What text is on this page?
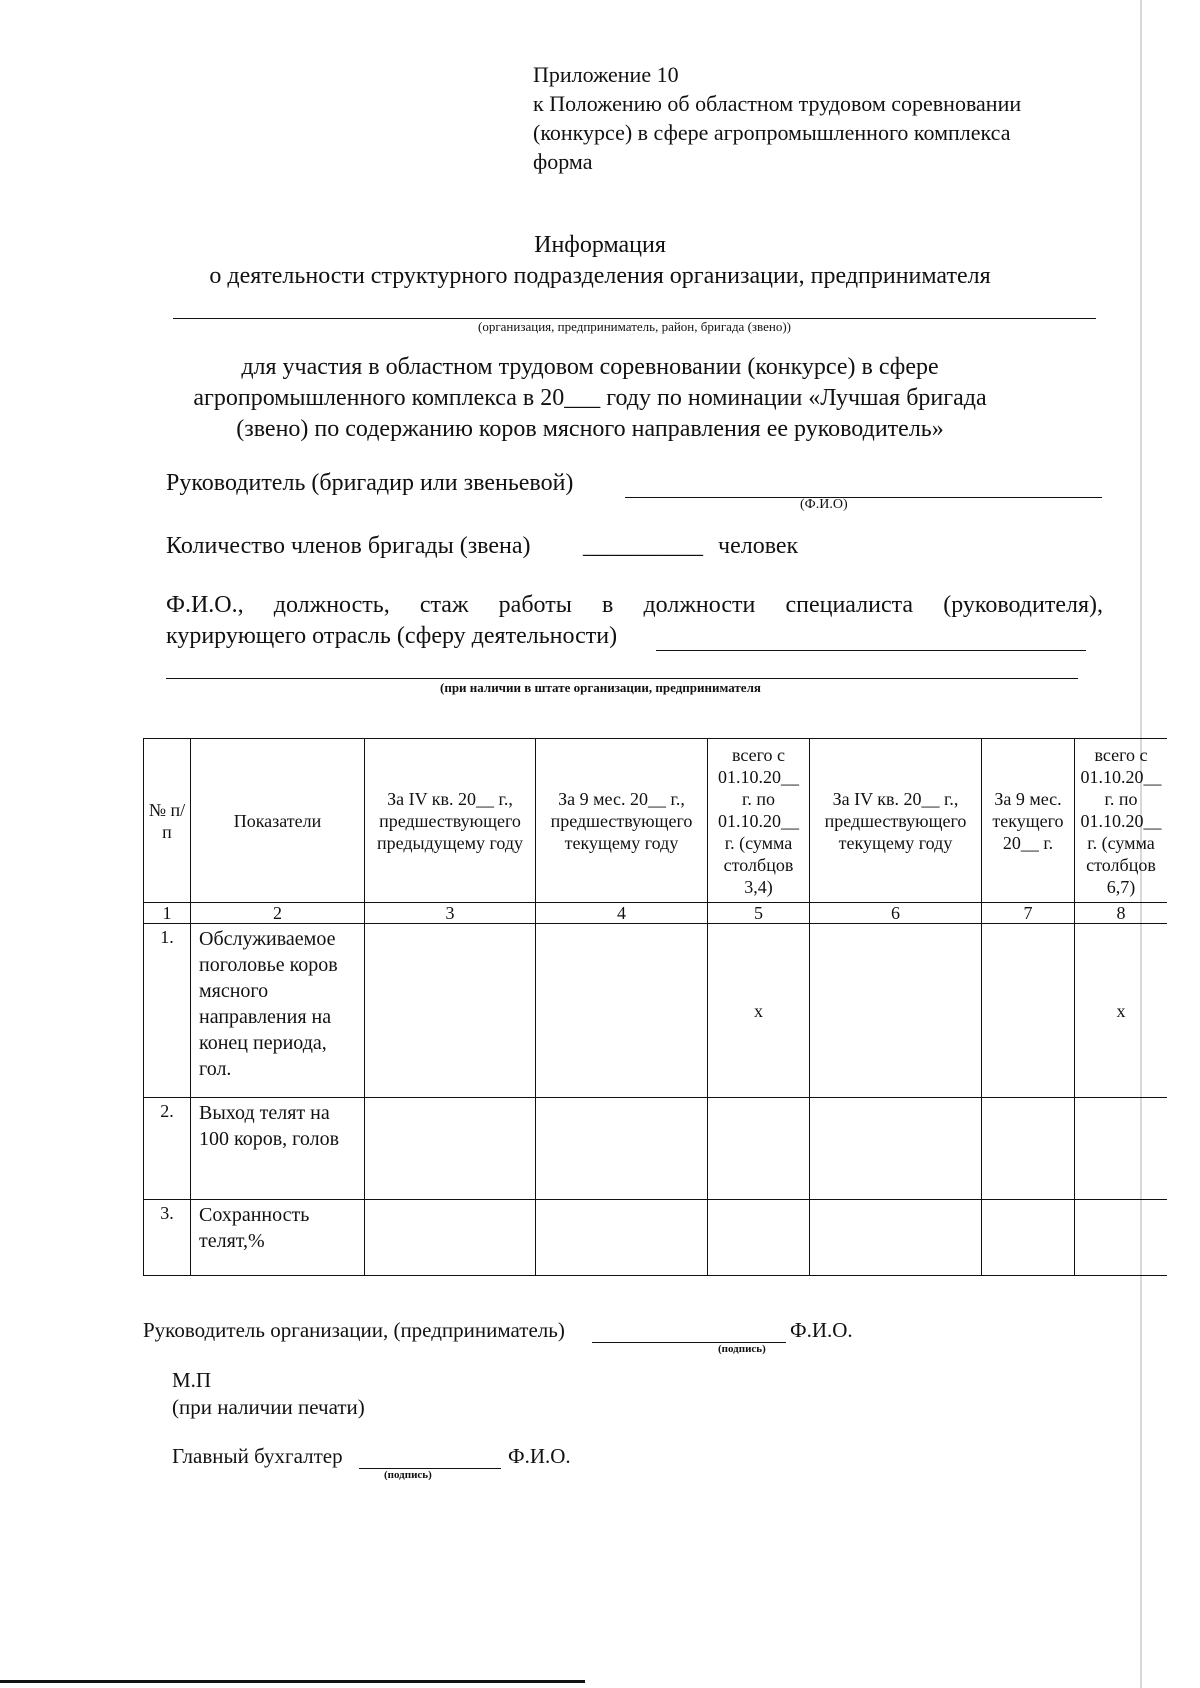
Приложение 10
к Положению об областном трудовом соревновании
(конкурсе) в сфере агропромышленного комплекса
форма
Информация
о деятельности структурного подразделения организации, предпринимателя
(организация, предприниматель, район, бригада (звено))
для участия в областном трудовом соревновании (конкурсе) в сфере
агропромышленного комплекса в 20___ году по номинации «Лучшая бригада
(звено) по содержанию коров мясного направления ее руководитель»
Руководитель (бригадир или звеньевой)
(Ф.И.О)
Количество членов бригады (звена) __________ человек
Ф.И.О., должность, стаж работы в должности специалиста (руководителя),
курирующего отрасль (сферу деятельности)
(при наличии в штате организации, предпринимателя
№ п/п	Показатели	За IV кв. 20__ г., предшествующего предыдущему году	За 9 мес. 20__ г., предшествующего текущему году	всего с 01.10.20__ г. по 01.10.20__ г. (сумма столбцов 3,4)	За IV кв. 20__ г., предшествующего текущему году	За 9 мес. текущего 20__ г.	всего с 01.10.20__ г. по 01.10.20__ г. (сумма столбцов 6,7)
1	2	3	4	5	6	7	8
1.	Обслуживаемое поголовье коров мясного направления на конец периода, гол.			х			х
2.	Выход телят на 100 коров, голов						
3.	Сохранность телят,%						
Руководитель организации, (предприниматель)	Ф.И.О.
(подпись)
М.П
(при наличии печати)
Главный бухгалтер	Ф.И.О.
(подпись)
